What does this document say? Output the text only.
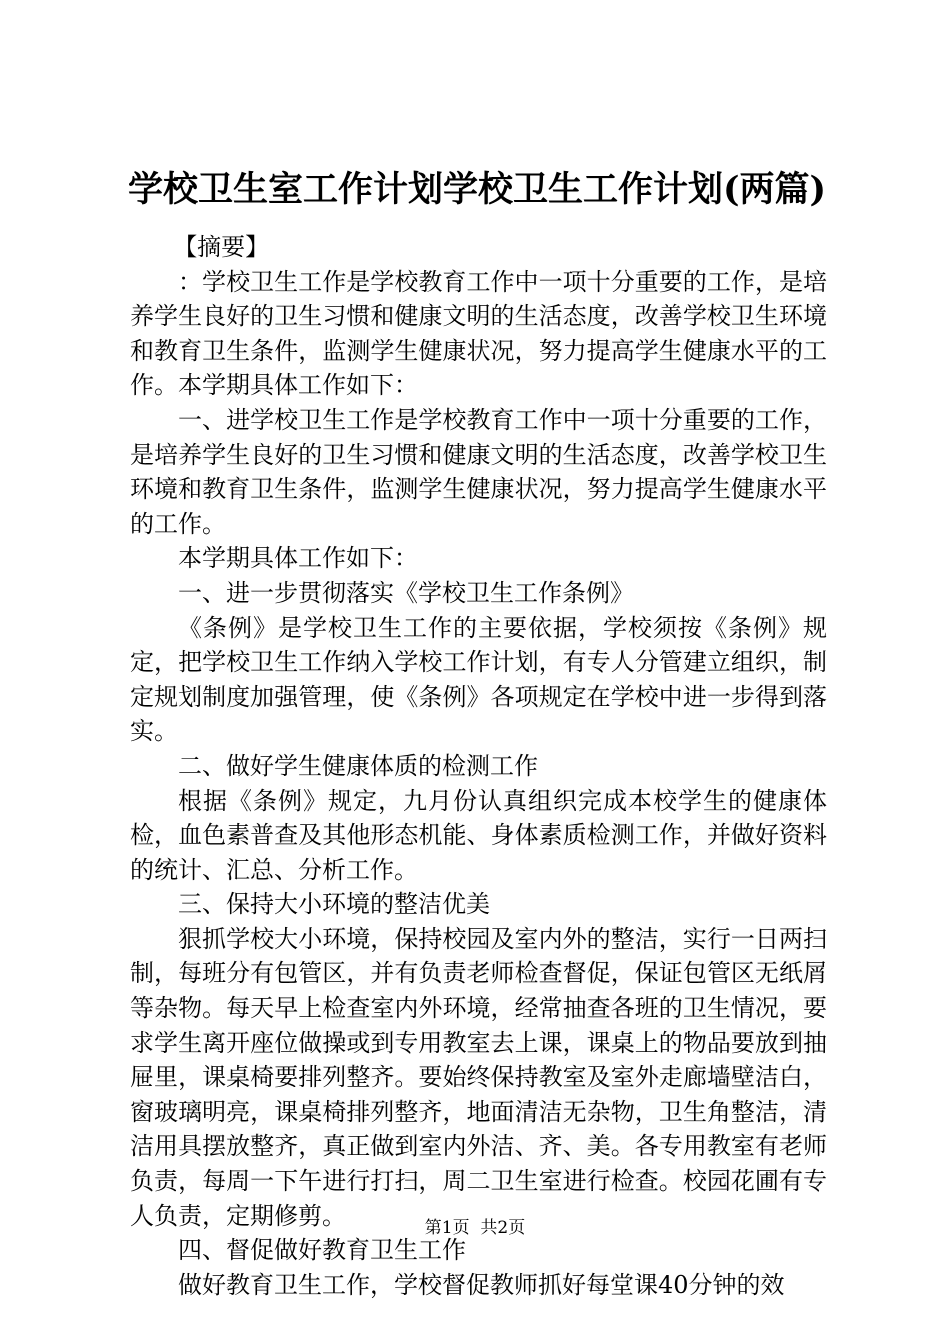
学校卫生室工作计划学校卫生工作计划(两篇)

【摘要】

：学校卫生工作是学校教育工作中一项十分重要的工作，是培养学生良好的卫生习惯和健康文明的生活态度，改善学校卫生环境和教育卫生条件，监测学生健康状况，努力提高学生健康水平的工作。本学期具体工作如下：

一、进学校卫生工作是学校教育工作中一项十分重要的工作，是培养学生良好的卫生习惯和健康文明的生活态度，改善学校卫生环境和教育卫生条件，监测学生健康状况，努力提高学生健康水平的工作。

本学期具体工作如下：

一、进一步贯彻落实《学校卫生工作条例》

《条例》是学校卫生工作的主要依据，学校须按《条例》规定，把学校卫生工作纳入学校工作计划，有专人分管建立组织，制定规划制度加强管理，使《条例》各项规定在学校中进一步得到落实。

二、做好学生健康体质的检测工作

根据《条例》规定，九月份认真组织完成本校学生的健康体检，血色素普查及其他形态机能、身体素质检测工作，并做好资料的统计、汇总、分析工作。

三、保持大小环境的整洁优美

狠抓学校大小环境，保持校园及室内外的整洁，实行一日两扫制，每班分有包管区，并有负责老师检查督促，保证包管区无纸屑等杂物。每天早上检查室内外环境，经常抽查各班的卫生情况，要求学生离开座位做操或到专用教室去上课，课桌上的物品要放到抽屉里，课桌椅要排列整齐。要始终保持教室及室外走廊墙壁洁白，窗玻璃明亮，课桌椅排列整齐，地面清洁无杂物，卫生角整洁，清洁用具摆放整齐，真正做到室内外洁、齐、美。各专用教室有老师负责，每周一下午进行打扫，周二卫生室进行检查。校园花圃有专人负责，定期修剪。

四、督促做好教育卫生工作

做好教育卫生工作，学校督促教师抓好每堂课40分钟的效

第1页  共2页
